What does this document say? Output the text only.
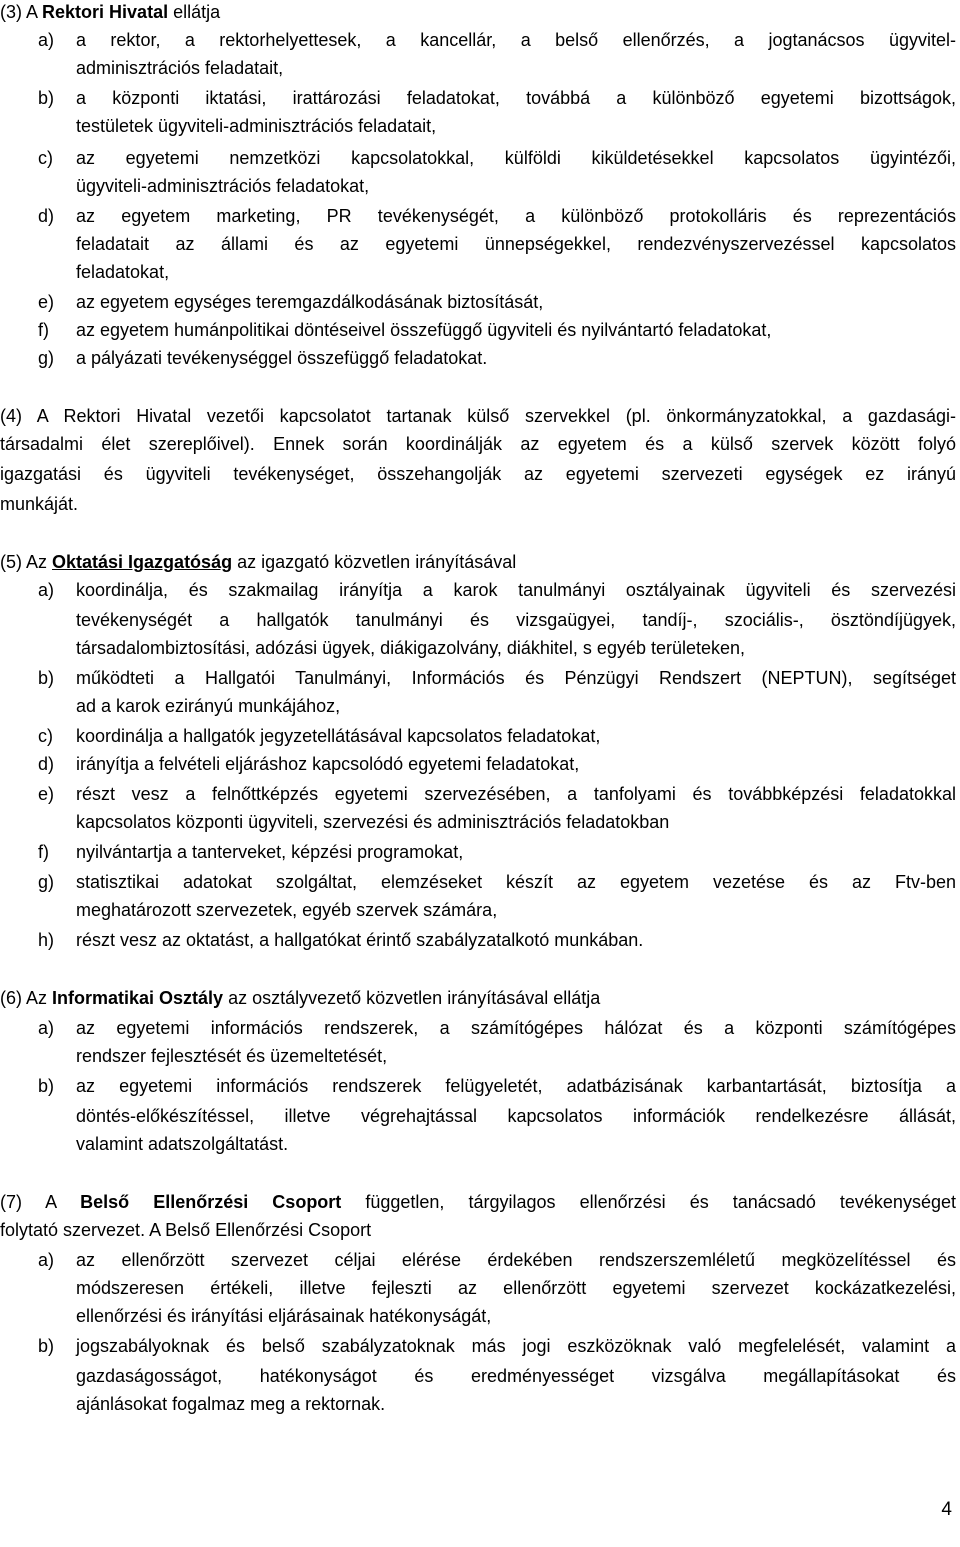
(3) A Rektori Hivatal ellátja
a) a rektor, a rektorhelyettesek, a kancellár, a belső ellenőrzés, a jogtanácsos ügyvitel-
adminisztrációs feladatait,
b) a központi iktatási, irattározási feladatokat, továbbá a különböző egyetemi bizottságok,
testületek ügyviteli-adminisztrációs feladatait,
c) az egyetemi nemzetközi kapcsolatokkal, külföldi kiküldetésekkel kapcsolatos ügyintézői,
ügyviteli-adminisztrációs feladatokat,
d) az egyetem marketing, PR tevékenységét, a különböző protokolláris és reprezentációs
feladatait az állami és az egyetemi ünnepségekkel, rendezvényszervezéssel kapcsolatos
feladatokat,
e) az egyetem egységes teremgazdálkodásának biztosítását,
f) az egyetem humánpolitikai döntéseivel összefüggő ügyviteli és nyilvántartó feladatokat,
g) a pályázati tevékenységgel összefüggő feladatokat.
(4) A Rektori Hivatal vezetői kapcsolatot tartanak külső szervekkel (pl. önkormányzatokkal, a gazdasági-
társadalmi élet szereplőivel). Ennek során koordinálják az egyetem és a külső szervek között folyó
igazgatási és ügyviteli tevékenységet, összehangolják az egyetemi szervezeti egységek ez irányú
munkáját.
(5) Az Oktatási Igazgatóság az igazgató közvetlen irányításával
a) koordinálja, és szakmailag irányítja a karok tanulmányi osztályainak ügyviteli és szervezési
tevékenységét a hallgatók tanulmányi és vizsgaügyei, tandíj-, szociális-, ösztöndíjügyek,
társadalombiztosítási, adózási ügyek, diákigazolvány, diákhitel, s egyéb területeken,
b) működteti a Hallgatói Tanulmányi, Információs és Pénzügyi Rendszert (NEPTUN), segítséget
ad a karok ezirányú munkájához,
c) koordinálja a hallgatók jegyzetellátásával kapcsolatos feladatokat,
d) irányítja a felvételi eljáráshoz kapcsolódó egyetemi feladatokat,
e) részt vesz a felnőttképzés egyetemi szervezésében, a tanfolyami és továbbképzési feladatokkal
kapcsolatos központi ügyviteli, szervezési és adminisztrációs feladatokban
f) nyilvántartja a tanterveket, képzési programokat,
g) statisztikai adatokat szolgáltat, elemzéseket készít az egyetem vezetése és az Ftv-ben
meghatározott szervezetek, egyéb szervek számára,
h) részt vesz az oktatást, a hallgatókat érintő szabályzatalkotó munkában.
(6) Az Informatikai Osztály az osztályvezető közvetlen irányításával ellátja
a) az egyetemi információs rendszerek, a számítógépes hálózat és a központi számítógépes
rendszer fejlesztését és üzemeltetését,
b) az egyetemi információs rendszerek felügyeletét, adatbázisának karbantartását, biztosítja a
döntés-előkészítéssel, illetve végrehajtással kapcsolatos információk rendelkezésre állását,
valamint adatszolgáltatást.
(7) A Belső Ellenőrzési Csoport független, tárgyilagos ellenőrzési és tanácsadó tevékenységet
folytató szervezet. A Belső Ellenőrzési Csoport
a) az ellenőrzött szervezet céljai elérése érdekében rendszerszemléletű megközelítéssel és
módszeresen értékeli, illetve fejleszti az ellenőrzött egyetemi szervezet kockázatkezelési,
ellenőrzési és irányítási eljárásainak hatékonyságát,
b) jogszabályoknak és belső szabályzatoknak más jogi eszközöknak való megfelelését, valamint a
gazdaságosságot, hatékonyságot és eredményességet vizsgálva megállapításokat és
ajánlásokat fogalmaz meg a rektornak.
4
